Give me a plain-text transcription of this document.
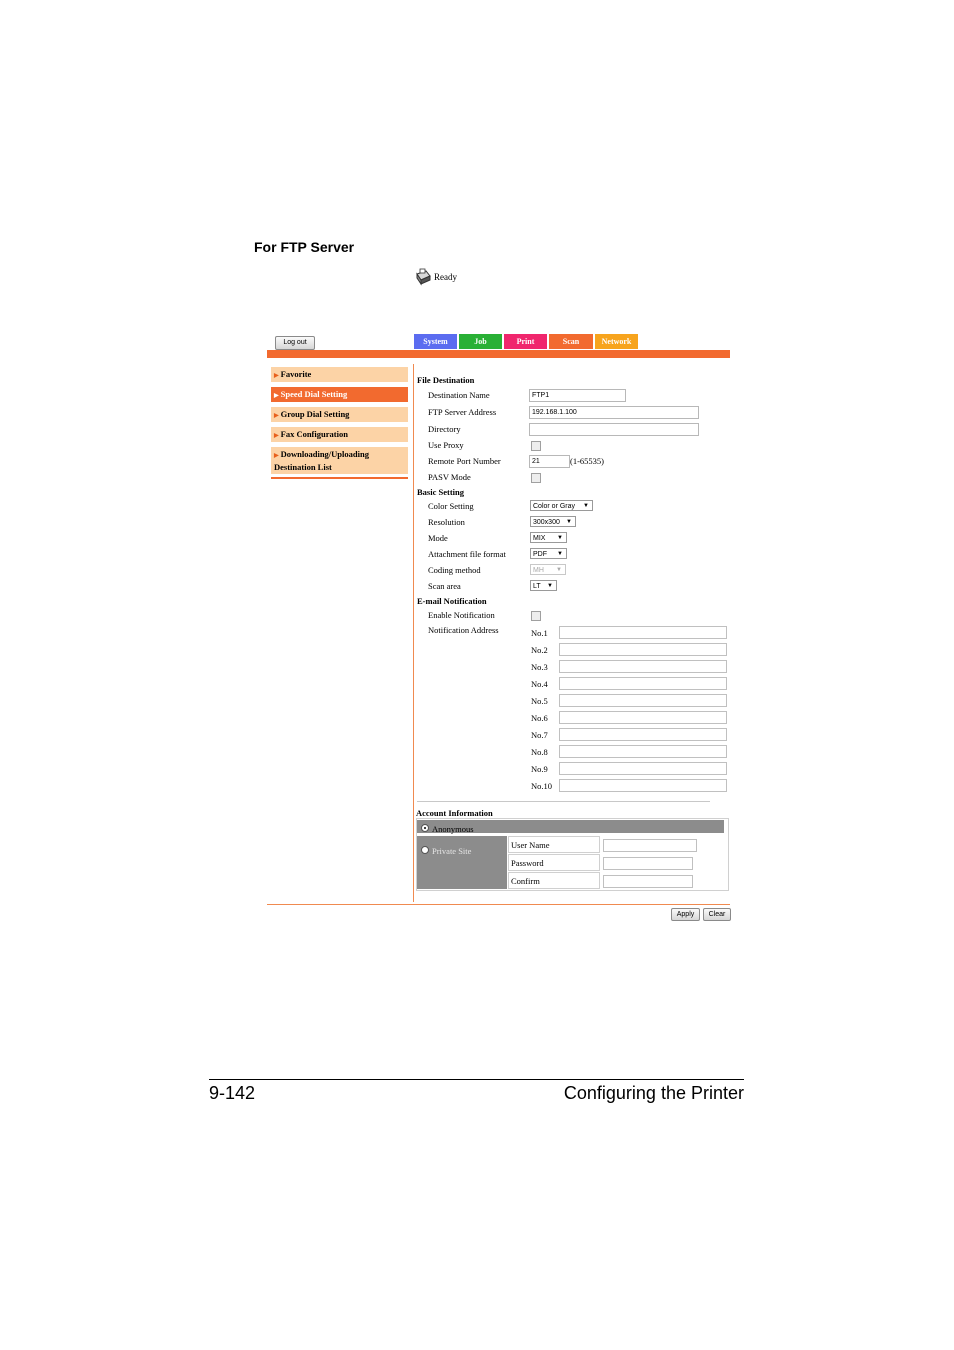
For FTP Server
Ready
Log out	System	Job	Print	Scan	Network
▶ Favorite
▶ Speed Dial Setting
▶ Group Dial Setting
▶ Fax Configuration
▶ Downloading/Uploading
Destination List
File Destination
Destination Name	FTP1
FTP Server Address	192.168.1.100
Directory
Use Proxy
Remote Port Number	21	(1-65535)
PASV Mode
Basic Setting
Color Setting	Color or Gray ▼
Resolution	300x300 ▼
Mode	MIX ▼
Attachment file format	PDF ▼
Coding method	MH ▼
Scan area	LT ▼
E-mail Notification
Enable Notification
Notification Address	No.1
No.2
No.3
No.4
No.5
No.6
No.7
No.8
No.9
No.10
Account Information
Anonymous
Private Site
User Name
Password
Confirm
Apply	Clear
9-142	Configuring the Printer
